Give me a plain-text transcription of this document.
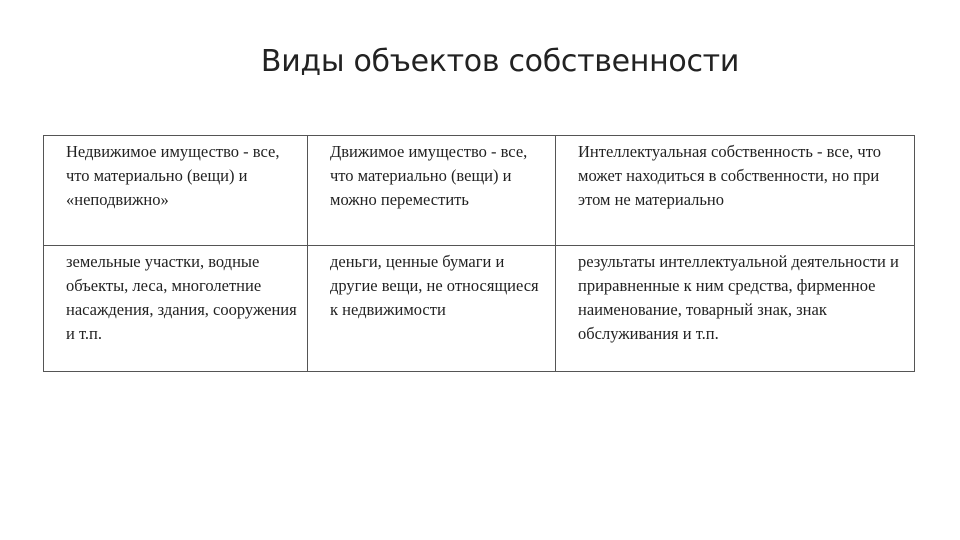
Виды объектов собственности
Недвижимое имущество - все, что материально (вещи) и «неподвижно»	Движимое имущество - все, что материально (вещи) и можно переместить	Интеллектуальная собственность - все, что может находиться в собственности, но при этом не материально
земельные участки, водные объекты, леса, многолетние насаждения, здания, сооружения и т.п.	деньги, ценные бумаги и другие вещи, не относящиеся к недвижимости	результаты интеллектуальной деятельности и приравненные к ним средства, фирменное наименование, товарный знак, знак обслуживания и т.п.
